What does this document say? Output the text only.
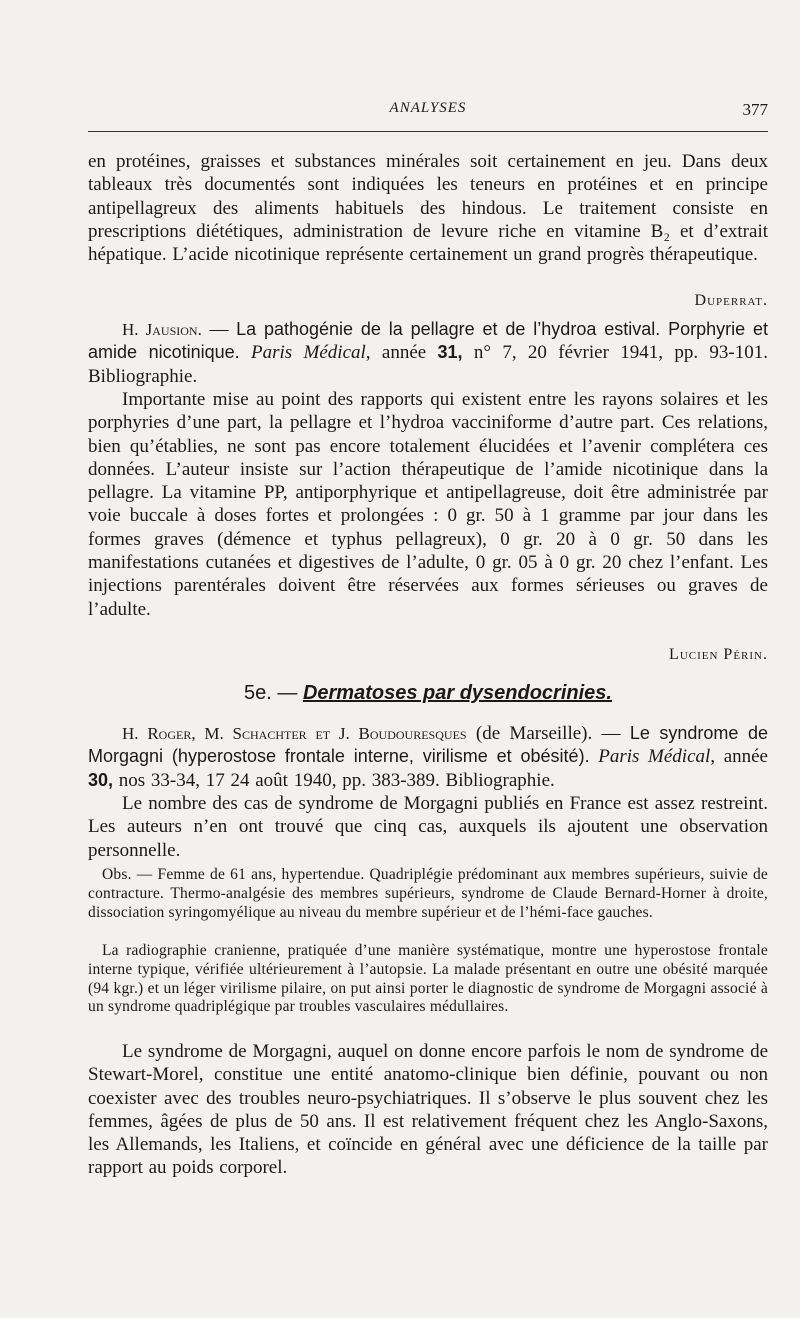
ANALYSES	377
en protéines, graisses et substances minérales soit certainement en jeu. Dans deux tableaux très documentés sont indiquées les teneurs en protéines et en principe antipellagreux des aliments habituels des hindous. Le traitement consiste en prescriptions diététiques, administration de levure riche en vitamine B₂ et d’extrait hépatique. L’acide nicotinique représente certainement un grand progrès thérapeutique.
Duperrat.
H. Jausion. — La pathogénie de la pellagre et de l’hydroa estival. Porphyrie et amide nicotinique. Paris Médical, année 31, n° 7, 20 février 1941, pp. 93-101. Bibliographie.
Importante mise au point des rapports qui existent entre les rayons solaires et les porphyries d’une part, la pellagre et l’hydroa vacciniforme d’autre part. Ces relations, bien qu’établies, ne sont pas encore totalement élucidées et l’avenir complétera ces données. L’auteur insiste sur l’action thérapeutique de l’amide nicotinique dans la pellagre. La vitamine PP, antiporphyrique et antipellagreuse, doit être administrée par voie buccale à doses fortes et prolongées : 0 gr. 50 à 1 gramme par jour dans les formes graves (démence et typhus pellagreux), 0 gr. 20 à 0 gr. 50 dans les manifestations cutanées et digestives de l’adulte, 0 gr. 05 à 0 gr. 20 chez l’enfant. Les injections parentérales doivent être réservées aux formes sérieuses ou graves de l’adulte.
Lucien Périn.
5e. — Dermatoses par dysendocrinies.
H. Roger, M. Schachter et J. Boudouresques (de Marseille). — Le syndrome de Morgagni (hyperostose frontale interne, virilisme et obésité). Paris Médical, année 30, nos 33-34, 17 24 août 1940, pp. 383-389. Bibliographie.
Le nombre des cas de syndrome de Morgagni publiés en France est assez restreint. Les auteurs n’en ont trouvé que cinq cas, auxquels ils ajoutent une observation personnelle.
Obs. — Femme de 61 ans, hypertendue. Quadriplégie prédominant aux membres supérieurs, suivie de contracture. Thermo-analgésie des membres supérieurs, syndrome de Claude Bernard-Horner à droite, dissociation syringomyélique au niveau du membre supérieur et de l’hémi-face gauches.
La radiographie cranienne, pratiquée d’une manière systématique, montre une hyperostose frontale interne typique, vérifiée ultérieurement à l’autopsie. La malade présentant en outre une obésité marquée (94 kgr.) et un léger virilisme pilaire, on put ainsi porter le diagnostic de syndrome de Morgagni associé à un syndrome quadriplégique par troubles vasculaires médullaires.
Le syndrome de Morgagni, auquel on donne encore parfois le nom de syndrome de Stewart-Morel, constitue une entité anatomo-clinique bien définie, pouvant ou non coexister avec des troubles neuro-psychiatriques. Il s’observe le plus souvent chez les femmes, âgées de plus de 50 ans. Il est relativement fréquent chez les Anglo-Saxons, les Allemands, les Italiens, et coïncide en général avec une déficience de la taille par rapport au poids corporel.
